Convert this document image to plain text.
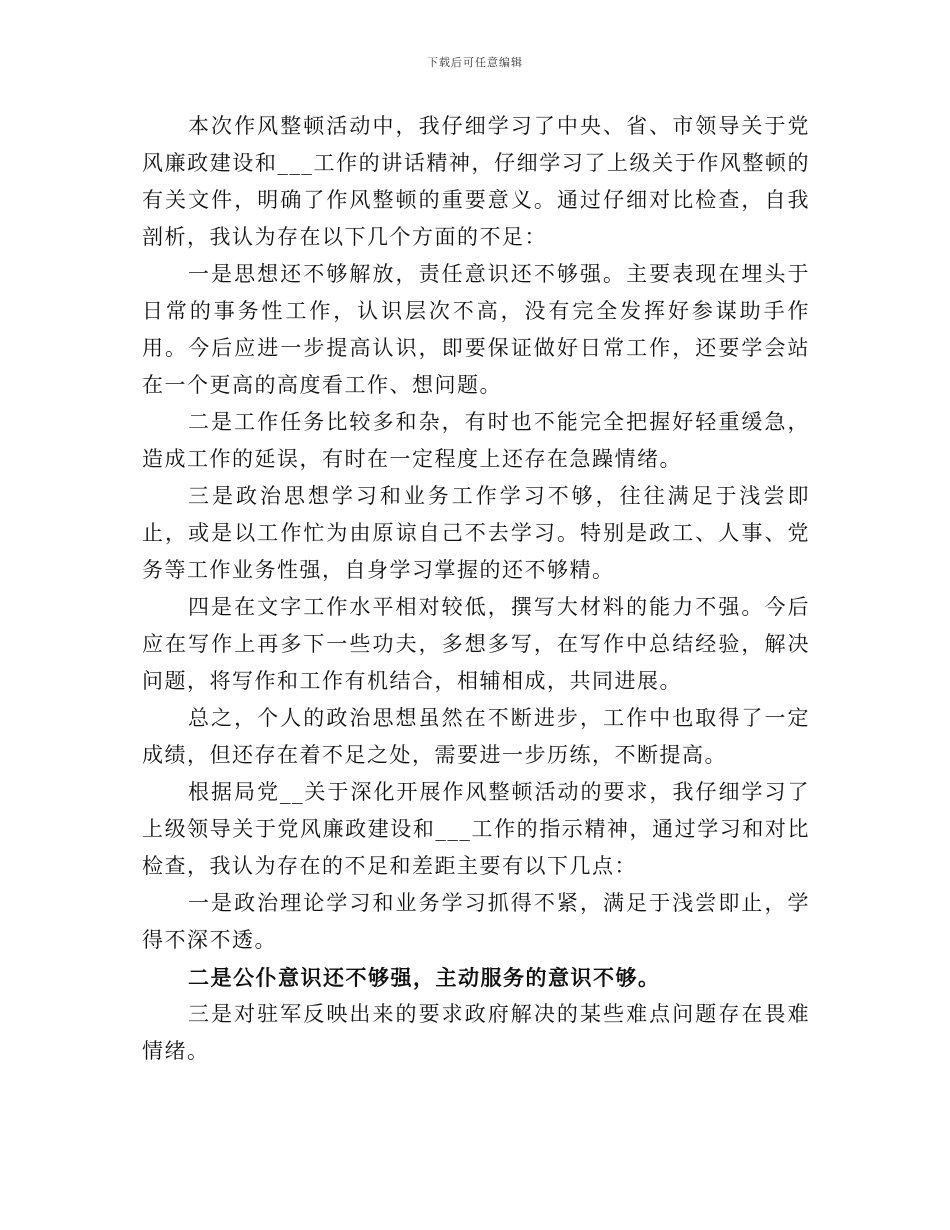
下载后可任意编辑

本次作风整顿活动中，我仔细学习了中央、省、市领导关于党风廉政建设和___工作的讲话精神，仔细学习了上级关于作风整顿的有关文件，明确了作风整顿的重要意义。通过仔细对比检查，自我剖析，我认为存在以下几个方面的不足：

一是思想还不够解放，责任意识还不够强。主要表现在埋头于日常的事务性工作，认识层次不高，没有完全发挥好参谋助手作用。今后应进一步提高认识，即要保证做好日常工作，还要学会站在一个更高的高度看工作、想问题。

二是工作任务比较多和杂，有时也不能完全把握好轻重缓急，造成工作的延误，有时在一定程度上还存在急躁情绪。

三是政治思想学习和业务工作学习不够，往往满足于浅尝即止，或是以工作忙为由原谅自己不去学习。特别是政工、人事、党务等工作业务性强，自身学习掌握的还不够精。

四是在文字工作水平相对较低，撰写大材料的能力不强。今后应在写作上再多下一些功夫，多想多写，在写作中总结经验，解决问题，将写作和工作有机结合，相辅相成，共同进展。

总之，个人的政治思想虽然在不断进步，工作中也取得了一定成绩，但还存在着不足之处，需要进一步历练，不断提高。

根据局党__关于深化开展作风整顿活动的要求，我仔细学习了上级领导关于党风廉政建设和___工作的指示精神，通过学习和对比检查，我认为存在的不足和差距主要有以下几点：

一是政治理论学习和业务学习抓得不紧，满足于浅尝即止，学得不深不透。

二是公仆意识还不够强，主动服务的意识不够。

三是对驻军反映出来的要求政府解决的某些难点问题存在畏难情绪。
